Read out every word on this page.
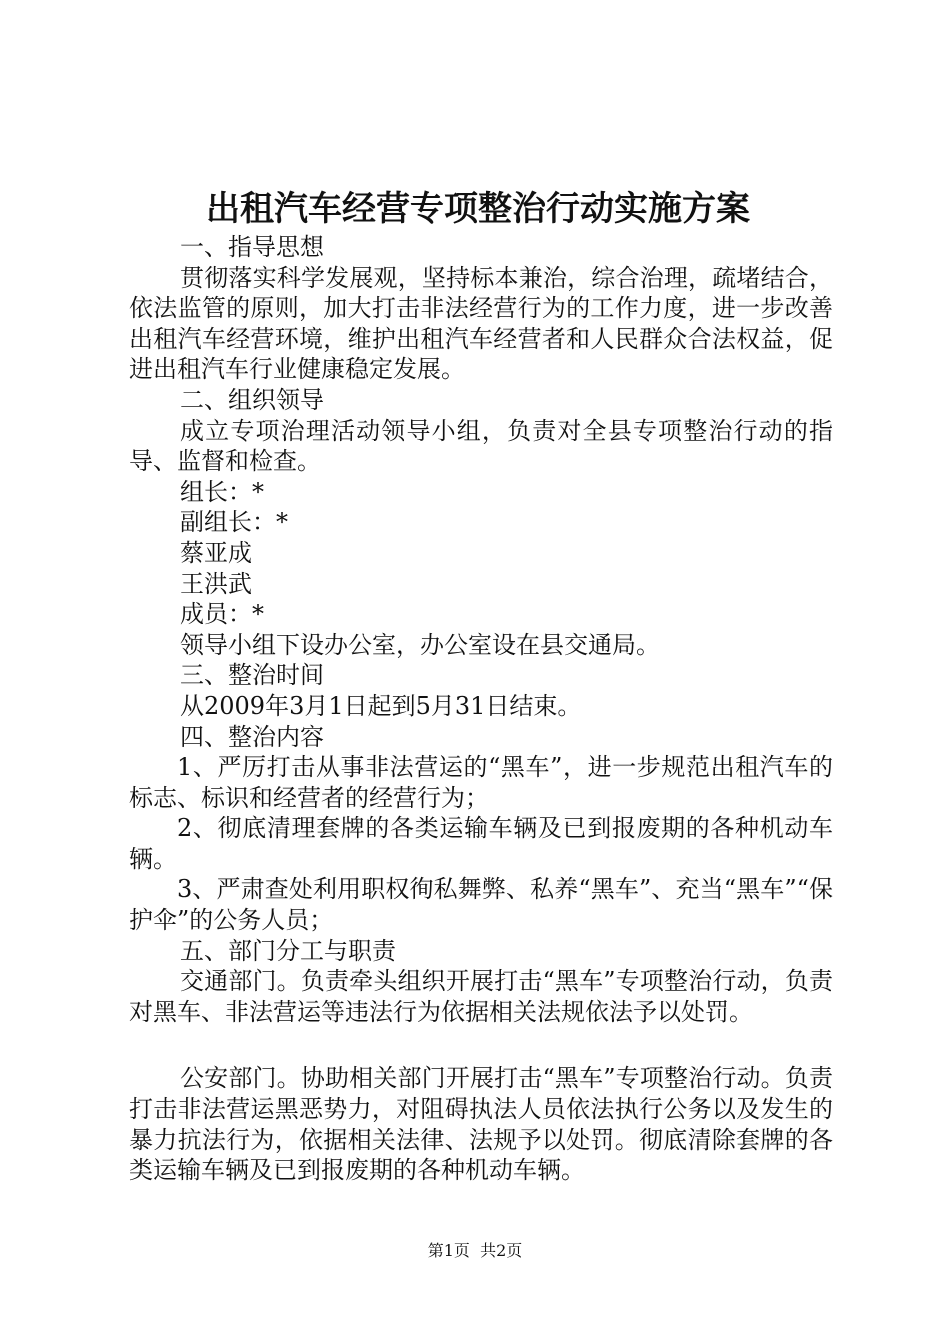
出租汽车经营专项整治行动实施方案

一、指导思想

贯彻落实科学发展观，坚持标本兼治，综合治理，疏堵结合，依法监管的原则，加大打击非法经营行为的工作力度，进一步改善出租汽车经营环境，维护出租汽车经营者和人民群众合法权益，促进出租汽车行业健康稳定发展。

二、组织领导

成立专项治理活动领导小组，负责对全县专项整治行动的指导、监督和检查。

组长：*

副组长：*

蔡亚成

王洪武

成员：*

领导小组下设办公室，办公室设在县交通局。

三、整治时间

从2009年3月1日起到5月31日结束。

四、整治内容

1、严厉打击从事非法营运的“黑车”，进一步规范出租汽车的标志、标识和经营者的经营行为；

2、彻底清理套牌的各类运输车辆及已到报废期的各种机动车辆。

3、严肃查处利用职权徇私舞弊、私养“黑车”、充当“黑车”“保护伞”的公务人员；

五、部门分工与职责

交通部门。负责牵头组织开展打击“黑车”专项整治行动，负责对黑车、非法营运等违法行为依据相关法规依法予以处罚。

公安部门。协助相关部门开展打击“黑车”专项整治行动。负责打击非法营运黑恶势力，对阻碍执法人员依法执行公务以及发生的暴力抗法行为，依据相关法律、法规予以处罚。彻底清除套牌的各类运输车辆及已到报废期的各种机动车辆。

第1页  共2页
